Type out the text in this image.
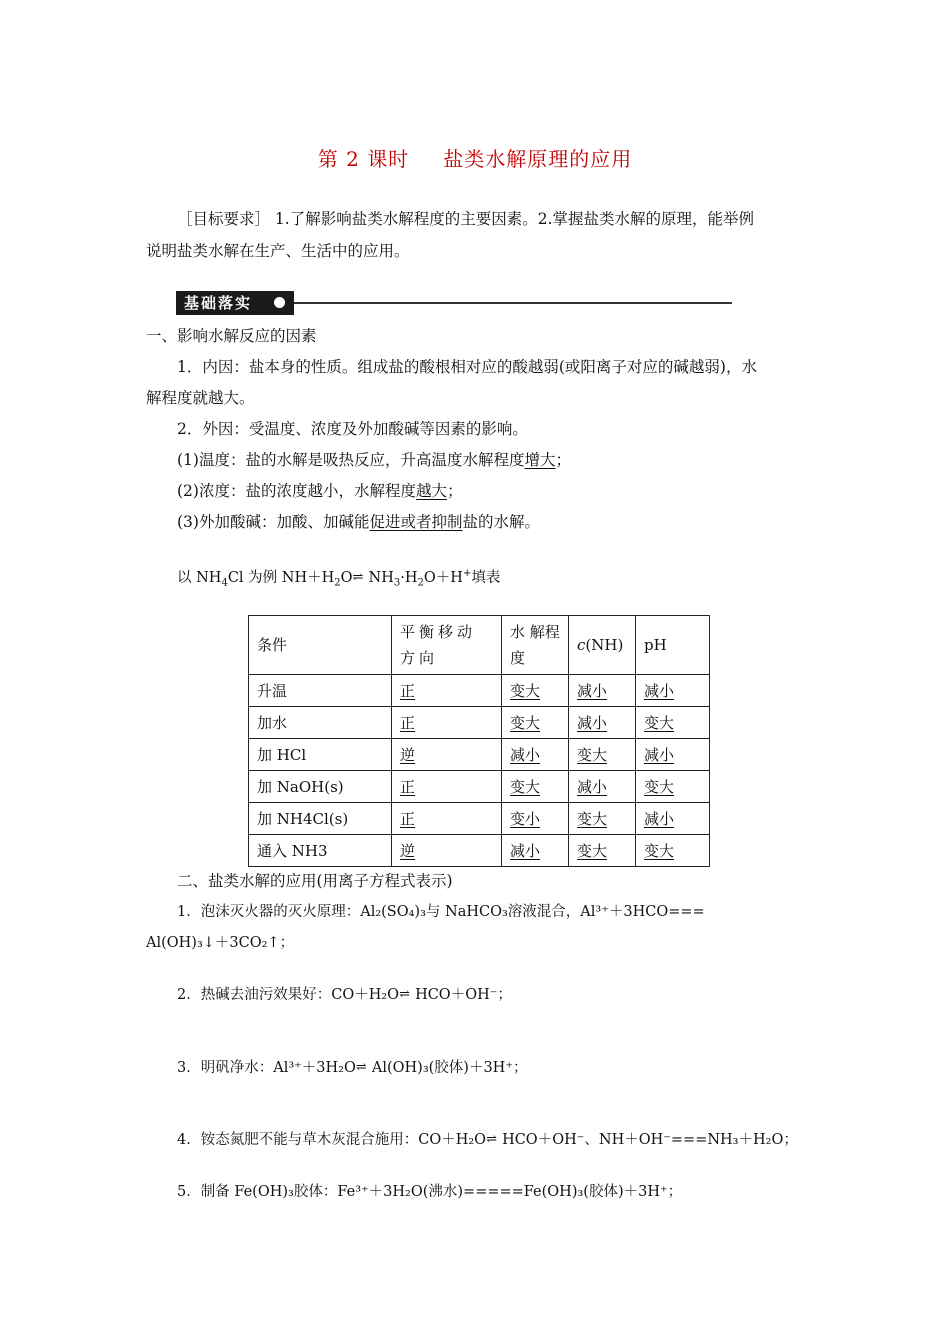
第 2 课时 盐类水解原理的应用
［目标要求］ 1.了解影响盐类水解程度的主要因素。2.掌握盐类水解的原理，能举例
说明盐类水解在生产、生活中的应用。
基础落实
一、影响水解反应的因素
1．内因：盐本身的性质。组成盐的酸根相对应的酸越弱(或阳离子对应的碱越弱)，水
解程度就越大。
2．外因：受温度、浓度及外加酸碱等因素的影响。
(1)温度：盐的水解是吸热反应，升高温度水解程度增大；
(2)浓度：盐的浓度越小，水解程度越大；
(3)外加酸碱：加酸、加碱能促进或者抑制盐的水解。
以 $NH_4Cl$ 为例 $NH+H_2O$ ⇌ $NH_3\cdot H_2O+H^+$填表
条件	平衡移动方向	水 解程度	c(NH)	pH
升温	正	变大	减小	减小
加水	正	变大	减小	变大
加 HCl	逆	减小	变大	减小
加 NaOH(s)	正	变大	减小	变大
加 NH4Cl(s)	正	变小	变大	减小
通入 NH3	逆	减小	变大	变大
二、盐类水解的应用(用离子方程式表示)
1．泡沫灭火器的灭火原理：Al₂(SO₄)₃与 NaHCO₃溶液混合，Al³⁺＋3HCO===
Al(OH)₃↓＋3CO₂↑；
2．热碱去油污效果好：CO＋H₂O ⇌ HCO＋OH⁻；
3．明矾净水：Al³⁺＋3H₂O ⇌ Al(OH)₃(胶体)＋3H⁺；
4．铵态氮肥不能与草木灰混合施用：CO＋H₂O ⇌ HCO＋OH⁻、NH＋OH⁻===NH₃＋H₂O；
5．制备 Fe(OH)₃胶体：Fe³⁺＋3H₂O(沸水)=====Fe(OH)₃(胶体)＋3H⁺；
